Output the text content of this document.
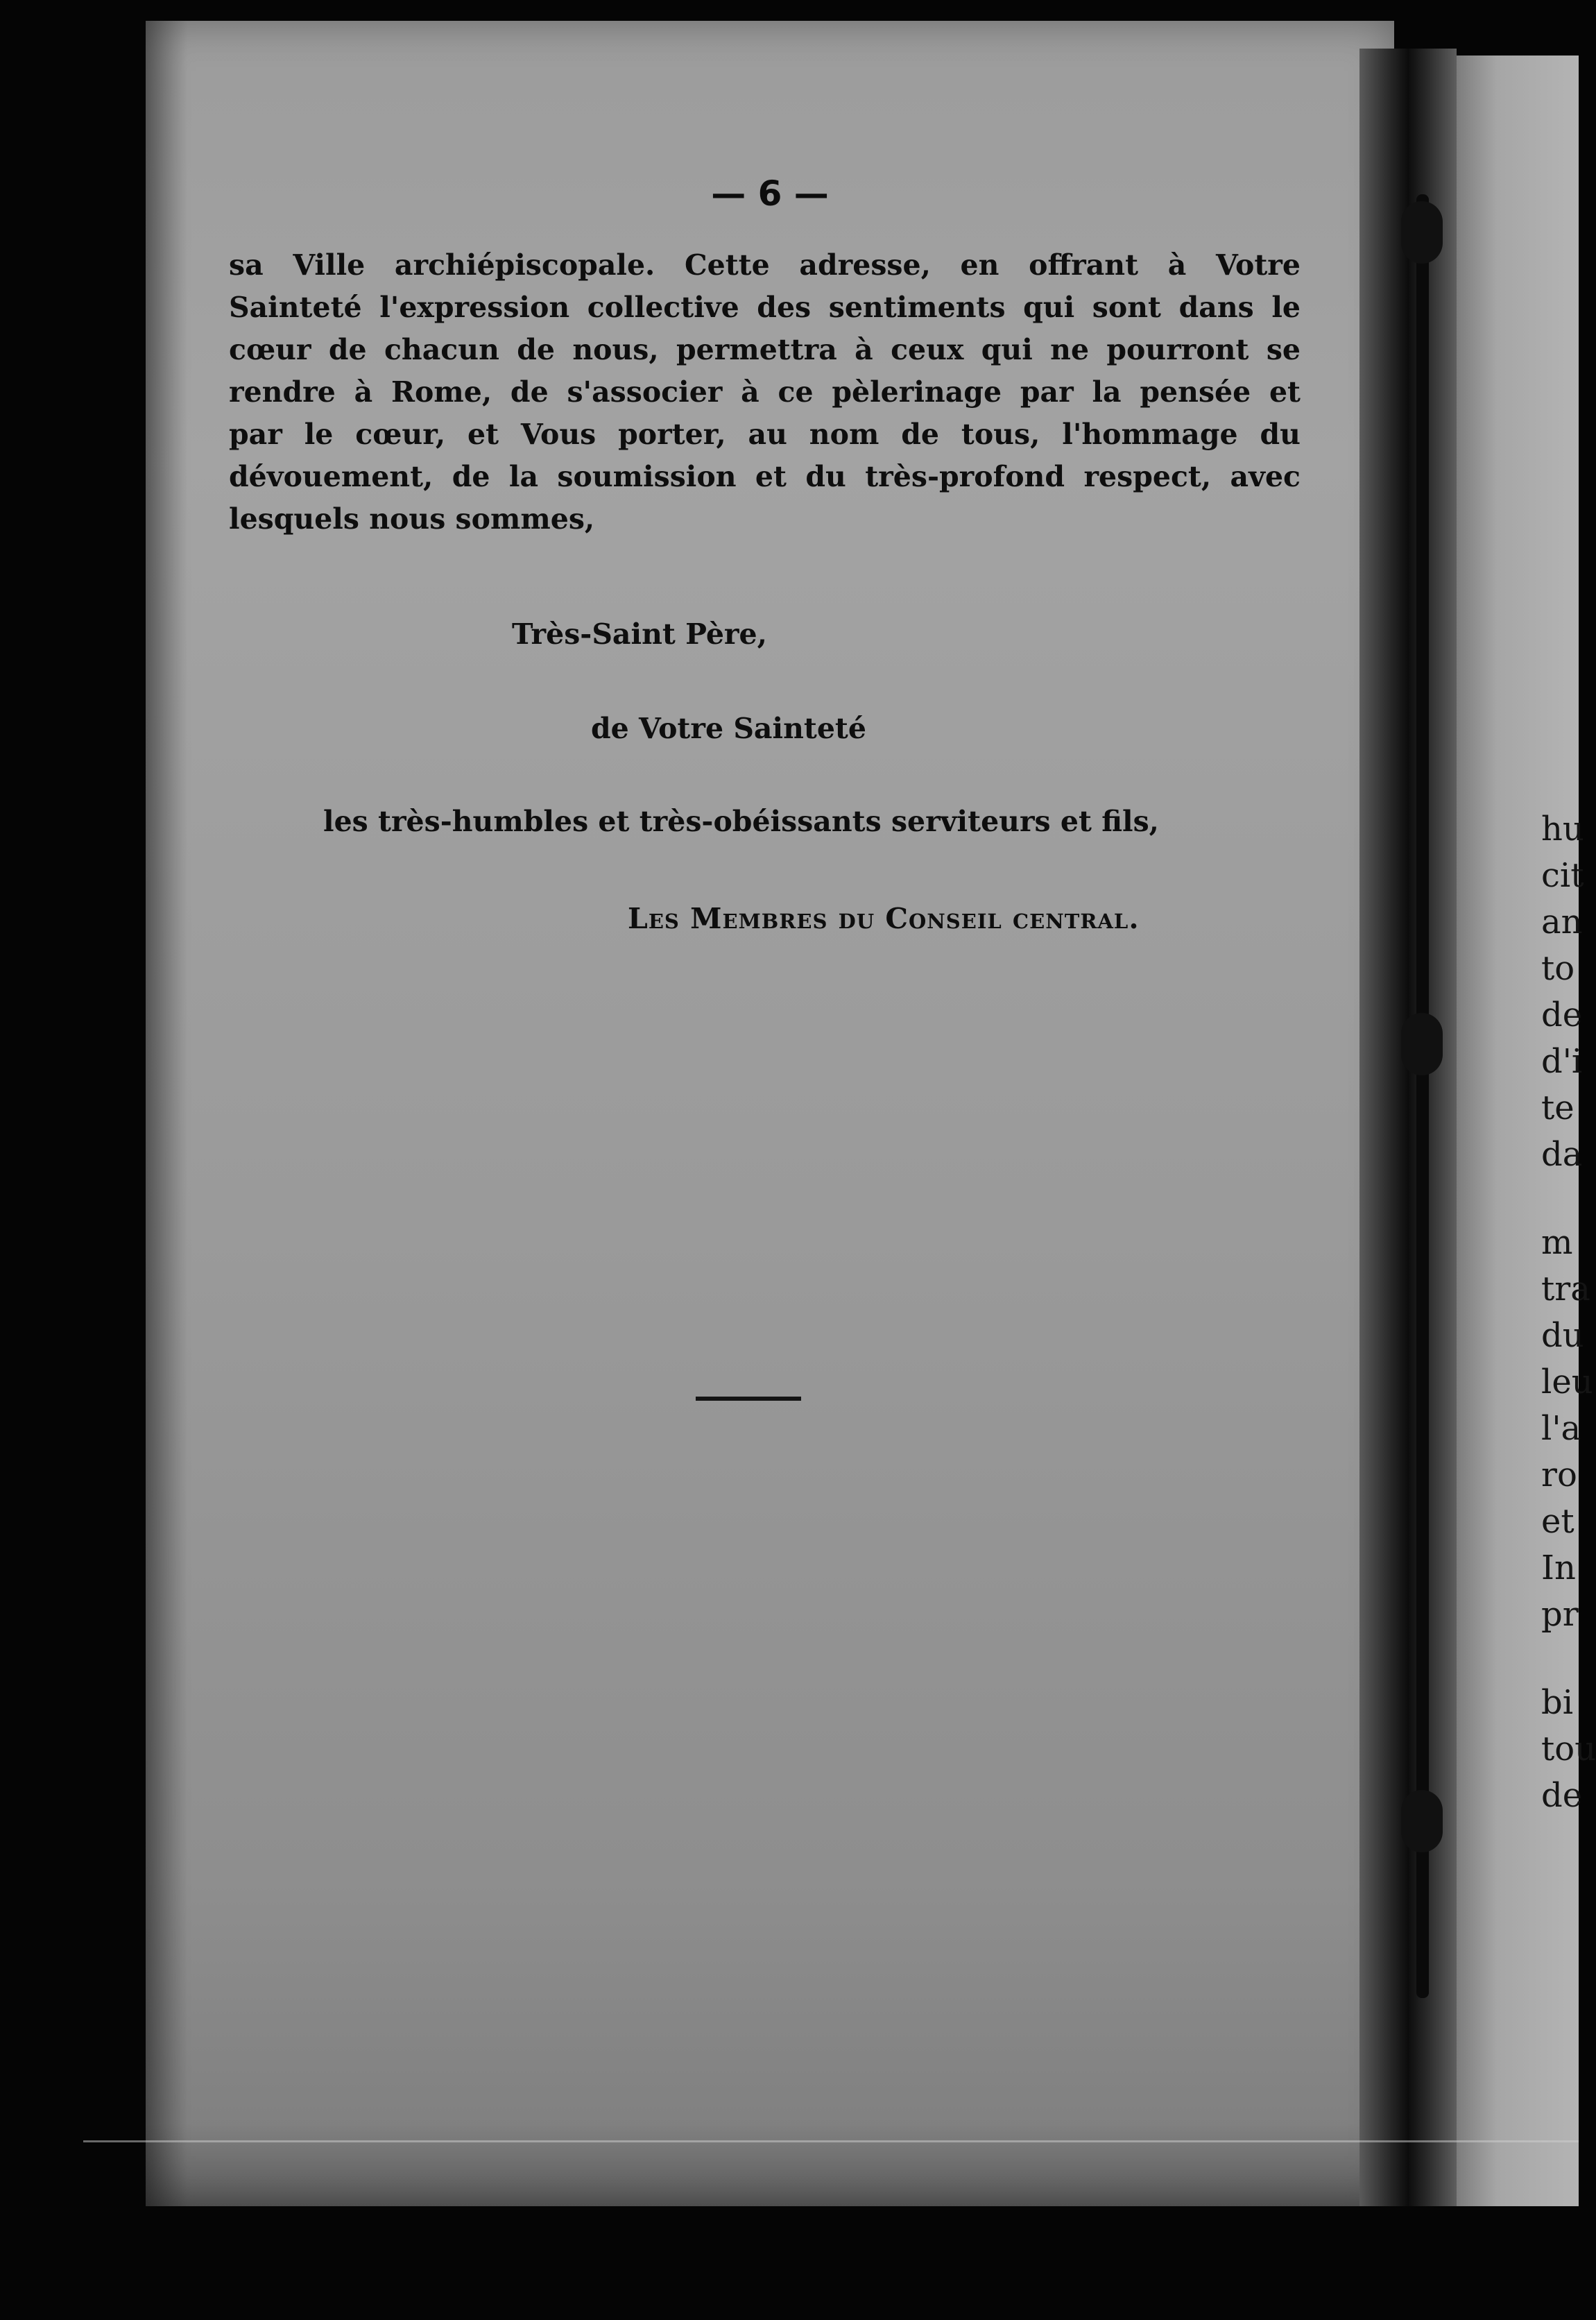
— 6 —
sa Ville archiépiscopale. Cette adresse, en offrant à Votre
Sainteté l'expression collective des sentiments qui sont dans le
cœur de chacun de nous, permettra à ceux qui ne pourront se
rendre à Rome, de s'associer à ce pèlerinage par la pensée et
par le cœur, et Vous porter, au nom de tous, l'hommage du
dévouement, de la soumission et du très-profond respect, avec
lesquels nous sommes,
Très-Saint Père,
de Votre Sainteté
les très-humbles et très-obéissants serviteurs et fils,
Les Membres du Conseil central.
hu
cit
an
to
de
d'i
te
da
m
tra
du
leu
l'a
ro
et
In
pr
bi
tou
de
